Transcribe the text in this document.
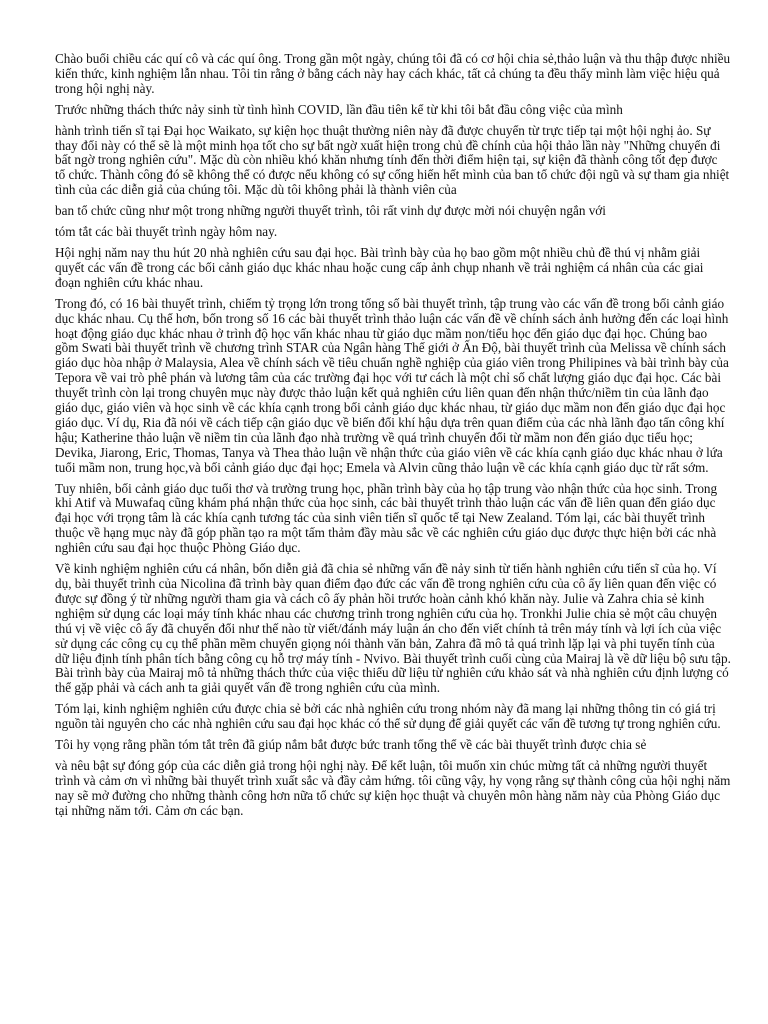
Chào buổi chiều các quí cô và các quí ông. Trong gần một ngày, chúng tôi đã có cơ hội chia sẻ,thảo luận và thu thập được nhiều kiến thức, kinh nghiệm lẫn nhau. Tôi tin rằng ở bằng cách này hay cách khác, tất cả chúng ta đều thấy mình làm việc hiệu quả trong hội nghị này.

Trước những thách thức nảy sinh từ tình hình COVID, lần đầu tiên kể từ khi tôi bắt đầu công việc của mình

hành trình tiến sĩ tại Đại học Waikato, sự kiện học thuật thường niên này đã được chuyển từ trực tiếp tại một hội nghị ảo. Sự thay đổi này có thể sẽ là một minh họa tốt cho sự bất ngờ xuất hiện trong chủ đề chính của hội thảo lần này "Những chuyến đi bất ngờ trong nghiên cứu". Mặc dù còn nhiều khó khăn nhưng tính đến thời điểm hiện tại, sự kiện đã thành công tốt đẹp được tổ chức. Thành công đó sẽ không thể có được nếu không có sự cống hiến hết mình của ban tổ chức đội ngũ và sự tham gia nhiệt tình của các diễn giả của chúng tôi. Mặc dù tôi không phải là thành viên của

ban tổ chức cũng như một trong những người thuyết trình, tôi rất vinh dự được mời nói chuyện ngắn với

tóm tắt các bài thuyết trình ngày hôm nay.

Hội nghị năm nay thu hút 20 nhà nghiên cứu sau đại học. Bài trình bày của họ bao gồm một nhiều chủ đề thú vị nhằm giải quyết các vấn đề trong các bối cảnh giáo dục khác nhau hoặc cung cấp ảnh chụp nhanh về trải nghiệm cá nhân của các giai đoạn nghiên cứu khác nhau.

Trong đó, có 16 bài thuyết trình, chiếm tỷ trọng lớn trong tổng số bài thuyết trình, tập trung vào các vấn đề trong bối cảnh giáo dục khác nhau. Cụ thể hơn, bốn trong số 16 các bài thuyết trình thảo luận các vấn đề về chính sách ảnh hưởng đến các loại hình hoạt động giáo dục khác nhau ở trình độ học vấn khác nhau từ giáo dục mầm non/tiểu học đến giáo dục đại học. Chúng bao gồm Swati bài thuyết trình về chương trình STAR của Ngân hàng Thế giới ở Ấn Độ, bài thuyết trình của Melissa về chính sách giáo dục hòa nhập ở Malaysia, Alea về chính sách về tiêu chuẩn nghề nghiệp của giáo viên trong Philipines và bài trình bày của Tepora về vai trò phê phán và lương tâm của các trường đại học với tư cách là một chỉ số chất lượng giáo dục đại học. Các bài thuyết trình còn lại trong chuyên mục này được thảo luận kết quả nghiên cứu liên quan đến nhận thức/niềm tin của lãnh đạo giáo dục, giáo viên và học sinh về các khía cạnh trong bối cảnh giáo dục khác nhau, từ giáo dục mầm non đến giáo dục đại học giáo dục. Ví dụ, Ria đã nói về cách tiếp cận giáo dục về biến đổi khí hậu dựa trên quan điểm của các nhà lãnh đạo tấn công khí hậu; Katherine thảo luận về niềm tin của lãnh đạo nhà trường về quá trình chuyển đổi từ mầm non đến giáo dục tiểu học; Devika, Jiarong, Eric, Thomas, Tanya và Thea thảo luận về nhận thức của giáo viên về các khía cạnh giáo dục khác nhau ở lứa tuổi mầm non, trung học,và bối cảnh giáo dục đại học; Emela và Alvin cũng thảo luận về các khía cạnh giáo dục từ rất sớm.

Tuy nhiên, bối cảnh giáo dục tuổi thơ và trường trung học, phần trình bày của họ tập trung vào nhận thức của học sinh. Trong khi Atif và Muwafaq cũng khám phá nhận thức của học sinh, các bài thuyết trình thảo luận các vấn đề liên quan đến giáo dục đại học với trọng tâm là các khía cạnh tương tác của sinh viên tiến sĩ quốc tế tại New Zealand. Tóm lại, các bài thuyết trình thuộc về hạng mục này đã góp phần tạo ra một tấm thảm đầy màu sắc về các nghiên cứu giáo dục được thực hiện bởi các nhà nghiên cứu sau đại học thuộc Phòng Giáo dục.

Về kinh nghiệm nghiên cứu cá nhân, bốn diễn giả đã chia sẻ những vấn đề nảy sinh từ tiến hành nghiên cứu tiến sĩ của họ. Ví dụ, bài thuyết trình của Nicolina đã trình bày quan điểm đạo đức các vấn đề trong nghiên cứu của cô ấy liên quan đến việc có được sự đồng ý từ những người tham gia và cách cô ấy phản hồi trước hoàn cảnh khó khăn này. Julie và Zahra chia sẻ kinh nghiệm sử dụng các loại máy tính khác nhau các chương trình trong nghiên cứu của họ. Tronkhi Julie chia sẻ một câu chuyện thú vị về việc cô ấy đã chuyển đổi như thế nào từ viết/đánh máy luận án cho đến viết chính tả trên máy tính và lợi ích của việc sử dụng các công cụ cụ thể phần mềm chuyển giọng nói thành văn bản, Zahra đã mô tả quá trình lặp lại và phi tuyến tính của dữ liệu định tính phân tích bằng công cụ hỗ trợ máy tính - Nvivo. Bài thuyết trình cuối cùng của Mairaj là về dữ liệu bộ sưu tập. Bài trình bày của Mairaj mô tả những thách thức của việc thiếu dữ liệu từ nghiên cứu khảo sát và nhà nghiên cứu định lượng có thể gặp phải và cách anh ta giải quyết vấn đề trong nghiên cứu của mình.

Tóm lại, kinh nghiệm nghiên cứu được chia sẻ bởi các nhà nghiên cứu trong nhóm này đã mang lại những thông tin có giá trị nguồn tài nguyên cho các nhà nghiên cứu sau đại học khác có thể sử dụng để giải quyết các vấn đề tương tự trong nghiên cứu.

Tôi hy vọng rằng phần tóm tắt trên đã giúp nắm bắt được bức tranh tổng thể về các bài thuyết trình được chia sẻ

và nêu bật sự đóng góp của các diễn giả trong hội nghị này. Để kết luận, tôi muốn xin chúc mừng tất cả những người thuyết trình và cảm ơn vì những bài thuyết trình xuất sắc và đầy cảm hứng. tôi cũng vậy, hy vọng rằng sự thành công của hội nghị năm nay sẽ mở đường cho những thành công hơn nữa tổ chức sự kiện học thuật và chuyên môn hàng năm này của Phòng Giáo dục tại những năm tới. Cảm ơn các bạn.
